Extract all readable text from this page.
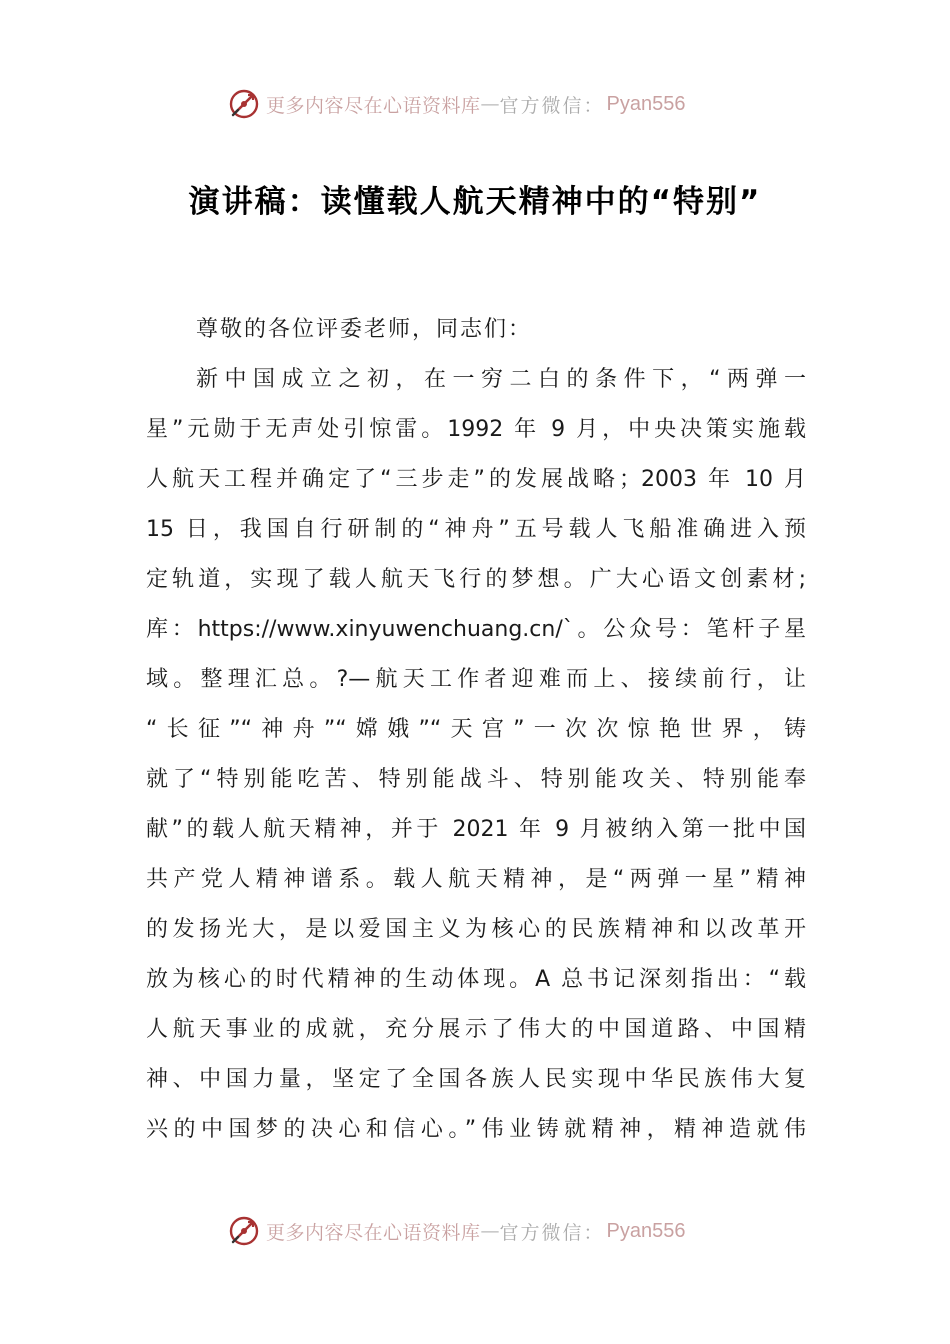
更多内容尽在心语资料库 — 官方微信： Pyan556
演讲稿：读懂载人航天精神中的“特别”
尊敬的各位评委老师，同志们：
新中国成立之初，在一穷二白的条件下，“两弹一
星”元勋于无声处引惊雷。1992 年 9 月，中央决策实施载
人航天工程并确定了“三步走”的发展战略；2003 年 10 月
15 日，我国自行研制的“神舟”五号载人飞船准确进入预
定轨道，实现了载人航天飞行的梦想。广大心语文创素材;
库：https://www.xinyuwenchuang.cn/`。公众号：笔杆子星
域。整理汇总。?—航天工作者迎难而上、接续前行，让
“长征”“神舟”“嫦娥”“天宫”一次次惊艳世界，铸
就了“特别能吃苦、特别能战斗、特别能攻关、特别能奉
献”的载人航天精神，并于 2021 年 9 月被纳入第一批中国
共产党人精神谱系。载人航天精神，是“两弹一星”精神
的发扬光大，是以爱国主义为核心的民族精神和以改革开
放为核心的时代精神的生动体现。A 总书记深刻指出：“载
人航天事业的成就，充分展示了伟大的中国道路、中国精
神、中国力量，坚定了全国各族人民实现中华民族伟大复
兴的中国梦的决心和信心。”伟业铸就精神，精神造就伟
更多内容尽在心语资料库 — 官方微信： Pyan556
